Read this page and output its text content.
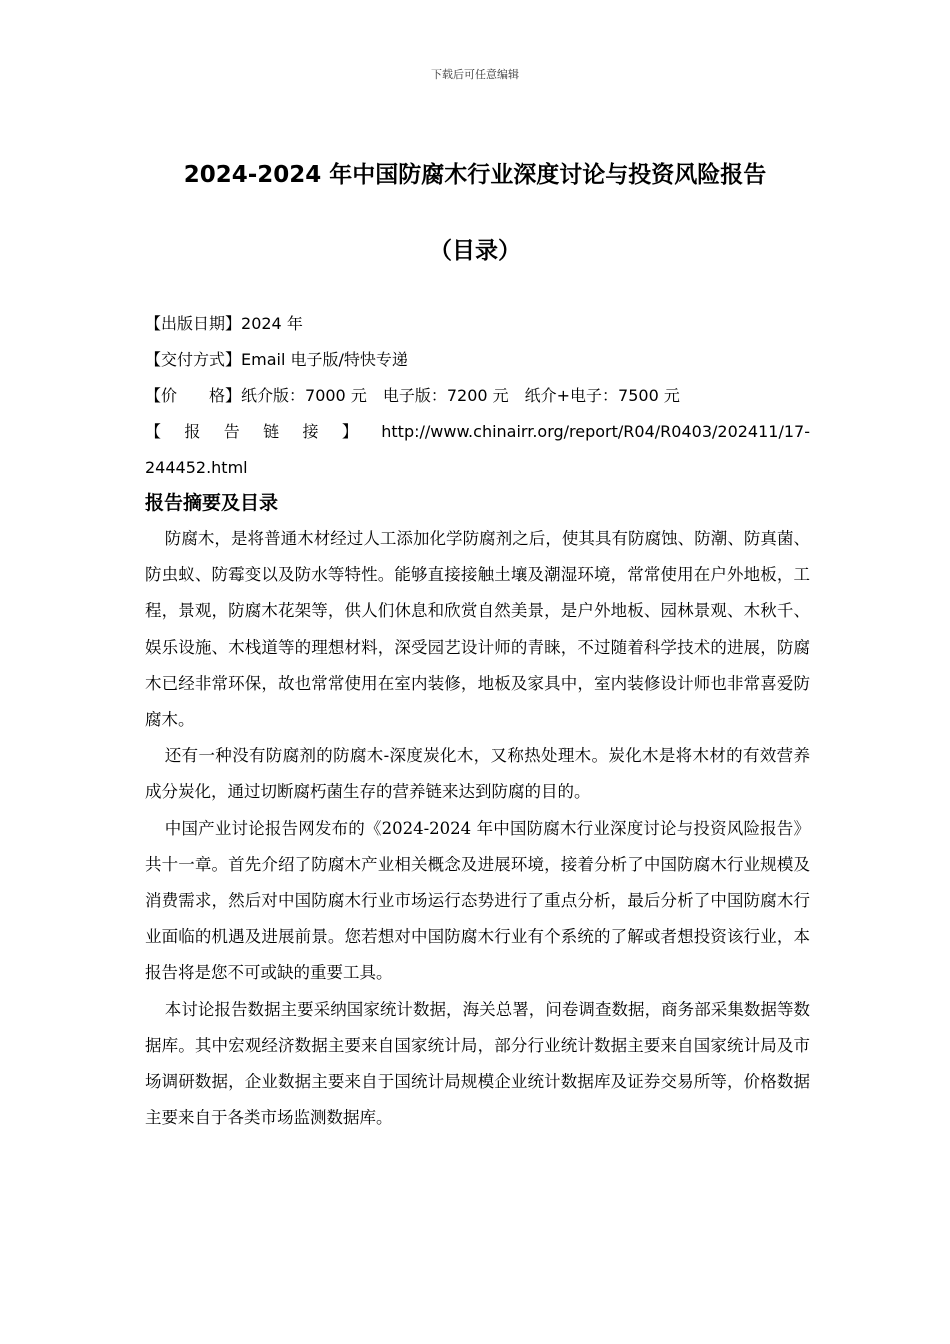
下载后可任意编辑
2024-2024 年中国防腐木行业深度讨论与投资风险报告
（目录）
【出版日期】2024 年
【交付方式】Email 电子版/特快专递
【价　　格】纸介版：7000 元 电子版：7200 元 纸介+电子：7500 元
【 报 告 链 接 】 http://www.chinairr.org/report/R04/R0403/202411/17-
244452.html
报告摘要及目录

防腐木，是将普通木材经过人工添加化学防腐剂之后，使其具有防腐蚀、防潮、防真菌、防虫蚁、防霉变以及防水等特性。能够直接接触土壤及潮湿环境，常常使用在户外地板，工程，景观，防腐木花架等，供人们休息和欣赏自然美景，是户外地板、园林景观、木秋千、娱乐设施、木栈道等的理想材料，深受园艺设计师的青睐，不过随着科学技术的进展，防腐木已经非常环保，故也常常使用在室内装修，地板及家具中，室内装修设计师也非常喜爱防腐木。

还有一种没有防腐剂的防腐木-深度炭化木，又称热处理木。炭化木是将木材的有效营养成分炭化，通过切断腐朽菌生存的营养链来达到防腐的目的。

中国产业讨论报告网发布的《2024-2024 年中国防腐木行业深度讨论与投资风险报告》共十一章。首先介绍了防腐木产业相关概念及进展环境，接着分析了中国防腐木行业规模及消费需求，然后对中国防腐木行业市场运行态势进行了重点分析，最后分析了中国防腐木行业面临的机遇及进展前景。您若想对中国防腐木行业有个系统的了解或者想投资该行业，本报告将是您不可或缺的重要工具。

本讨论报告数据主要采纳国家统计数据，海关总署，问卷调查数据，商务部采集数据等数据库。其中宏观经济数据主要来自国家统计局，部分行业统计数据主要来自国家统计局及市场调研数据，企业数据主要来自于国统计局规模企业统计数据库及证券交易所等，价格数据主要来自于各类市场监测数据库。
